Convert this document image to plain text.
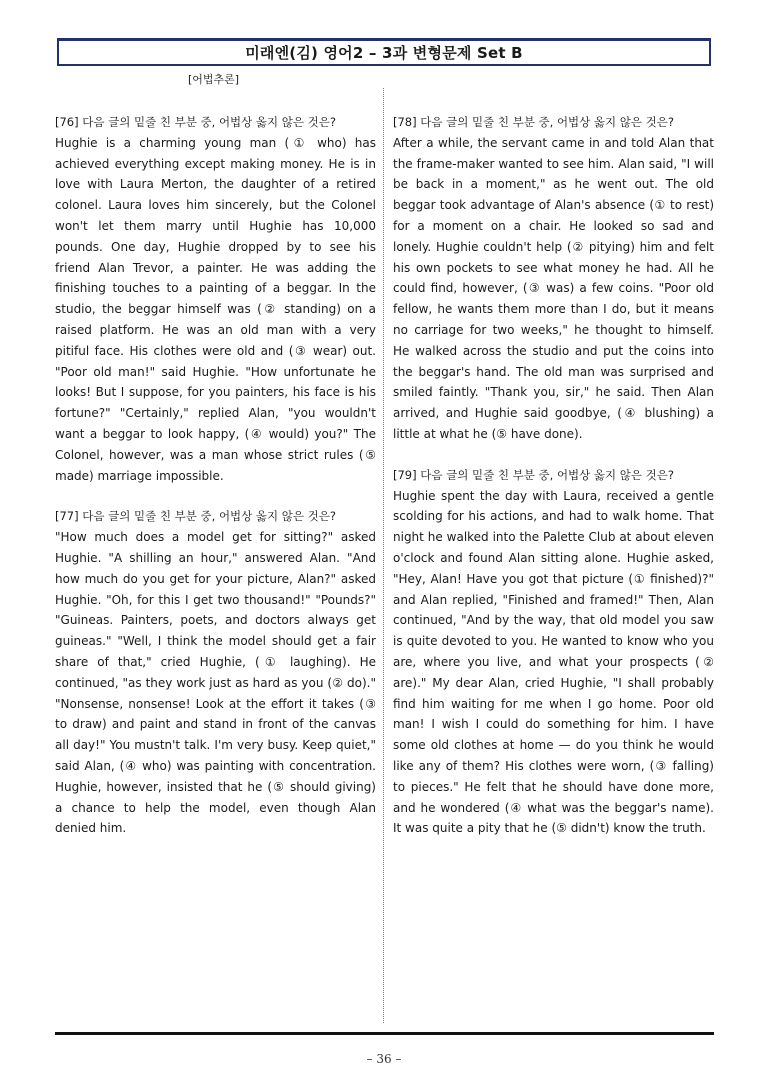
미래엔(김) 영어2 – 3과 변형문제 Set B
[어법추론]
[76] 다음 글의 밑줄 친 부분 중, 어법상 옳지 않은 것은?
Hughie is a charming young man (① who) has achieved everything except making money. He is in love with Laura Merton, the daughter of a retired colonel. Laura loves him sincerely, but the Colonel won't let them marry until Hughie has 10,000 pounds. One day, Hughie dropped by to see his friend Alan Trevor, a painter. He was adding the finishing touches to a painting of a beggar. In the studio, the beggar himself was (② standing) on a raised platform. He was an old man with a very pitiful face. His clothes were old and (③ wear) out. "Poor old man!" said Hughie. "How unfortunate he looks! But I suppose, for you painters, his face is his fortune?" "Certainly," replied Alan, "you wouldn't want a beggar to look happy, (④ would) you?" The Colonel, however, was a man whose strict rules (⑤ made) marriage impossible.
[77] 다음 글의 밑줄 친 부분 중, 어법상 옳지 않은 것은?
"How much does a model get for sitting?" asked Hughie. "A shilling an hour," answered Alan. "And how much do you get for your picture, Alan?" asked Hughie. "Oh, for this I get two thousand!" "Pounds?" "Guineas. Painters, poets, and doctors always get guineas." "Well, I think the model should get a fair share of that," cried Hughie, (① laughing). He continued, "as they work just as hard as you (② do)." "Nonsense, nonsense! Look at the effort it takes (③ to draw) and paint and stand in front of the canvas all day!" You mustn't talk. I'm very busy. Keep quiet," said Alan, (④ who) was painting with concentration. Hughie, however, insisted that he (⑤ should giving) a chance to help the model, even though Alan denied him.
[78] 다음 글의 밑줄 친 부분 중, 어법상 옳지 않은 것은?
After a while, the servant came in and told Alan that the frame-maker wanted to see him. Alan said, "I will be back in a moment," as he went out. The old beggar took advantage of Alan's absence (① to rest) for a moment on a chair. He looked so sad and lonely. Hughie couldn't help (② pitying) him and felt his own pockets to see what money he had. All he could find, however, (③ was) a few coins. "Poor old fellow, he wants them more than I do, but it means no carriage for two weeks," he thought to himself. He walked across the studio and put the coins into the beggar's hand. The old man was surprised and smiled faintly. "Thank you, sir," he said. Then Alan arrived, and Hughie said goodbye, (④ blushing) a little at what he (⑤ have done).
[79] 다음 글의 밑줄 친 부분 중, 어법상 옳지 않은 것은?
Hughie spent the day with Laura, received a gentle scolding for his actions, and had to walk home. That night he walked into the Palette Club at about eleven o'clock and found Alan sitting alone. Hughie asked, "Hey, Alan! Have you got that picture (① finished)?" and Alan replied, "Finished and framed!" Then, Alan continued, "And by the way, that old model you saw is quite devoted to you. He wanted to know who you are, where you live, and what your prospects (② are)." My dear Alan, cried Hughie, "I shall probably find him waiting for me when I go home. Poor old man! I wish I could do something for him. I have some old clothes at home — do you think he would like any of them? His clothes were worn, (③ falling) to pieces." He felt that he should have done more, and he wondered (④ what was the beggar's name). It was quite a pity that he (⑤ didn't) know the truth.
– 36 –
